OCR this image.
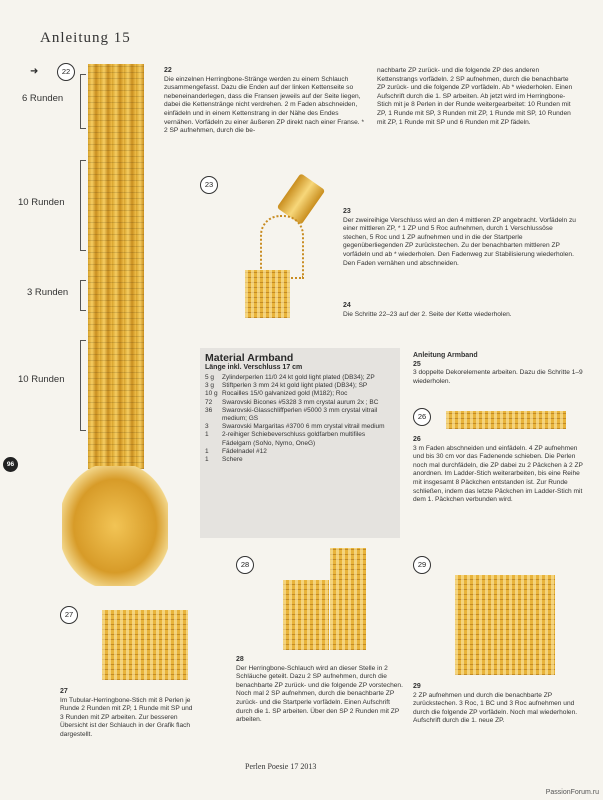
Anleitung 15
➜
96
22
6 Runden
10 Runden
3 Runden
10 Runden
22
Die einzelnen Herringbone-Stränge werden zu einem Schlauch zusammengefasst. Dazu die Enden auf der linken Kettenseite so nebeneinanderlegen, dass die Fransen jeweils auf der Seite liegen, dabei die Kettenstränge nicht verdrehen. 2 m Faden abschneiden, einfädeln und in einem Kettenstrang in der Nähe des Endes vernähen. Vorfädeln zu einer äußeren ZP direkt nach einer Franse. * 2 SP aufnehmen, durch die be-
nachbarte ZP zurück- und die folgende ZP des anderen Kettenstrangs vorfädeln. 2 SP aufnehmen, durch die benachbarte ZP zurück- und die folgende ZP vorfädeln. Ab * wiederholen. Einen Aufschrift durch die 1. SP arbeiten. Ab jetzt wird im Herringbone-Stich mit je 8 Perlen in der Runde weitergearbeitet: 10 Runden mit ZP, 1 Runde mit SP, 3 Runden mit ZP, 1 Runde mit SP, 10 Runden mit ZP, 1 Runde mit SP und 6 Runden mit ZP fädeln.
23
23
Der zweireihige Verschluss wird an den 4 mittleren ZP angebracht. Vorfädeln zu einer mittleren ZP, * 1 ZP und 5 Roc aufnehmen, durch 1 Verschlussöse stechen, 5 Roc und 1 ZP aufnehmen und in die der Startperle gegenüberliegenden ZP zurückstechen. Zu der benachbarten mittleren ZP vorfädeln und ab * wiederholen. Den Fadenweg zur Stabilisierung wiederholen. Den Faden vernähen und abschneiden.
24
Die Schritte 22–23 auf der 2. Seite der Kette wiederholen.
Material Armband
Länge inkl. Verschluss 17 cm
5 g	Zylinderperlen 11/0 24 kt gold light plated (DB34); ZP
3 g	Stiftperlen 3 mm 24 kt gold light plated (DB34); SP
10 g Rocailles 15/0 galvanized gold (M182); Roc
72	Swarovski Bicones #5328 3 mm crystal aurum 2x ; BC
36	Swarovski-Glasschliffperlen #5000 3 mm crystal vitrail medium; GS
3	Swarovski Margaritas #3700 6 mm crystal vitrail medium
1	2-reihiger Schiebeverschluss goldfarben multifiles Fädelgarn (SoNo, Nymo, OneG)
1	Fädelnadel #12
1	Schere
Anleitung Armband
25
3 doppelte Dekorelemente arbeiten. Dazu die Schritte 1–9 wiederholen.
26
26
3 m Faden abschneiden und einfädeln. 4 ZP aufnehmen und bis 30 cm vor das Fadenende schieben. Die Perlen noch mal durchfädeln, die ZP dabei zu 2 Päckchen à 2 ZP anordnen. Im Ladder-Stich weiterarbeiten, bis eine Reihe mit insgesamt 8 Päckchen entstanden ist. Zur Runde schließen, indem das letzte Päckchen im Ladder-Stich mit dem 1. Päckchen verbunden wird.
27
27
Im Tubular-Herringbone-Stich mit 8 Perlen je Runde 2 Runden mit ZP, 1 Runde mit SP und 3 Runden mit ZP arbeiten. Zur besseren Übersicht ist der Schlauch in der Grafik flach dargestellt.
28
28
Der Herringbone-Schlauch wird an dieser Stelle in 2 Schläuche geteilt. Dazu 2 SP aufnehmen, durch die benachbarte ZP zurück- und die folgende ZP vorstechen. Noch mal 2 SP aufnehmen, durch die benachbarte ZP zurück- und die Startperle vorfädeln. Einen Aufschrift durch die 1. SP arbeiten. Über den SP 2 Runden mit ZP arbeiten.
29
29
2 ZP aufnehmen und durch die benachbarte ZP zurückstechen. 3 Roc, 1 BC und 3 Roc aufnehmen und durch die folgende ZP vorfädeln. Noch mal wiederholen. Aufschrift durch die 1. neue ZP.
Perlen Poesie 17 2013
PassionForum.ru
